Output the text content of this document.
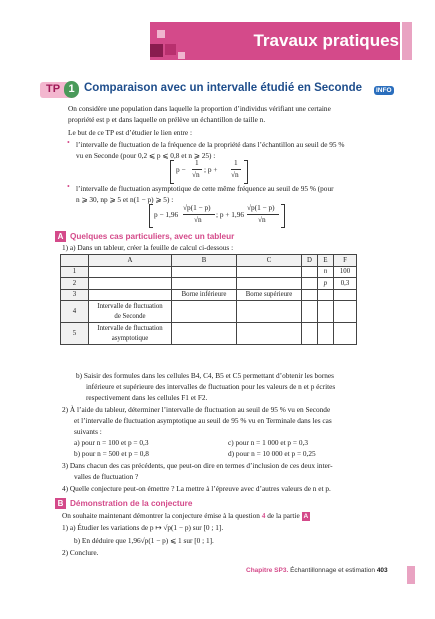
Travaux pratiques
TP 1 Comparaison avec un intervalle étudié en Seconde	INFO
On considère une population dans laquelle la proportion d’individus vérifiant une certaine
propriété est p et dans laquelle on prélève un échantillon de taille n.
Le but de ce TP est d’étudier le lien entre :
• l’intervalle de fluctuation de la fréquence de la propriété dans l’échantillon au seuil de 95 %
vu en Seconde (pour 0,2 ⩽ p ⩽ 0,8 et n ⩾ 25) :
p −
1
√n
; p +
1
√n
• l’intervalle de fluctuation asymptotique de cette même fréquence au seuil de 95 % (pour
n ⩾ 30, np ⩾ 5 et n(1 − p) ⩾ 5) :
p − 1,96
√p(1 − p)
√n
; p + 1,96
√p(1 − p)
√n
A Quelques cas particuliers, avec un tableur
1) a) Dans un tableur, créer la feuille de calcul ci-dessous :
	A	B	C	D	E	F
1					n	100
2					p	0,3
3		Borne inférieure	Borne supérieure			
4	Intervalle de fluctuation
de Seconde					
5	Intervalle de fluctuation
asymptotique					
b) Saisir des formules dans les cellules B4, C4, B5 et C5 permettant d’obtenir les bornes
inférieure et supérieure des intervalles de fluctuation pour les valeurs de n et p écrites
respectivement dans les cellules F1 et F2.
2) À l’aide du tableur, déterminer l’intervalle de fluctuation au seuil de 95 % vu en Seconde
et l’intervalle de fluctuation asymptotique au seuil de 95 % vu en Terminale dans les cas
suivants :
a) pour n = 100 et p = 0,3	c) pour n = 1 000 et p = 0,3
b) pour n = 500 et p = 0,8	d) pour n = 10 000 et p = 0,25
3) Dans chacun des cas précédents, que peut-on dire en termes d’inclusion de ces deux inter-
valles de fluctuation ?
4) Quelle conjecture peut-on émettre ? La mettre à l’épreuve avec d’autres valeurs de n et p.
B Démonstration de la conjecture
On souhaite maintenant démontrer la conjecture émise à la question 4 de la partie A
1) a) Étudier les variations de p ↦ √p(1 − p) sur [0 ; 1].
b) En déduire que 1,96√p(1 − p) ⩽ 1 sur [0 ; 1].
2) Conclure.
Chapitre SP3. Échantillonnage et estimation 403
